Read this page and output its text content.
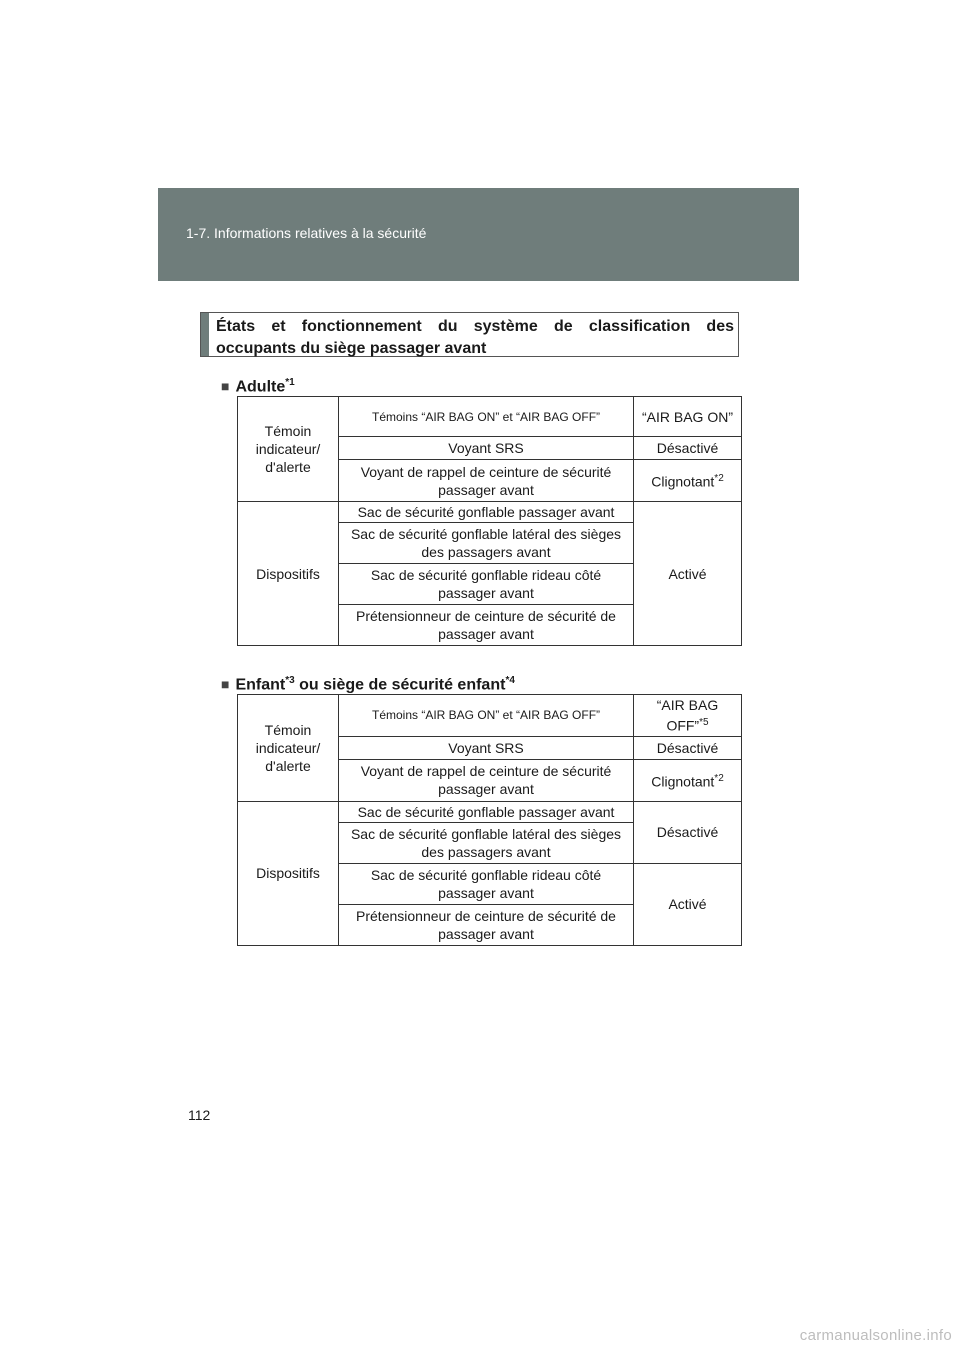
1-7. Informations relatives à la sécurité
États et fonctionnement du système de classification des occupants du siège passager avant
■ Adulte$^{*1}$
Témoin indicateur/ d'alerte	Témoins “AIR BAG ON” et “AIR BAG OFF”	“AIR BAG ON”
	Voyant SRS	Désactivé
	Voyant de rappel de ceinture de sécurité passager avant	Clignotant$^{*2}$
Dispositifs	Sac de sécurité gonflable passager avant	Activé
	Sac de sécurité gonflable latéral des sièges des passagers avant	
	Sac de sécurité gonflable rideau côté passager avant	
	Prétensionneur de ceinture de sécurité de passager avant	
■ Enfant$^{*3}$ ou siège de sécurité enfant$^{*4}$
Témoin indicateur/ d'alerte	Témoins “AIR BAG ON” et “AIR BAG OFF”	“AIR BAG OFF”$^{*5}$
	Voyant SRS	Désactivé
	Voyant de rappel de ceinture de sécurité passager avant	Clignotant$^{*2}$
Dispositifs	Sac de sécurité gonflable passager avant	Désactivé
	Sac de sécurité gonflable latéral des sièges des passagers avant	
	Sac de sécurité gonflable rideau côté passager avant	Activé
	Prétensionneur de ceinture de sécurité de passager avant	
112
carmanualsonline.info
